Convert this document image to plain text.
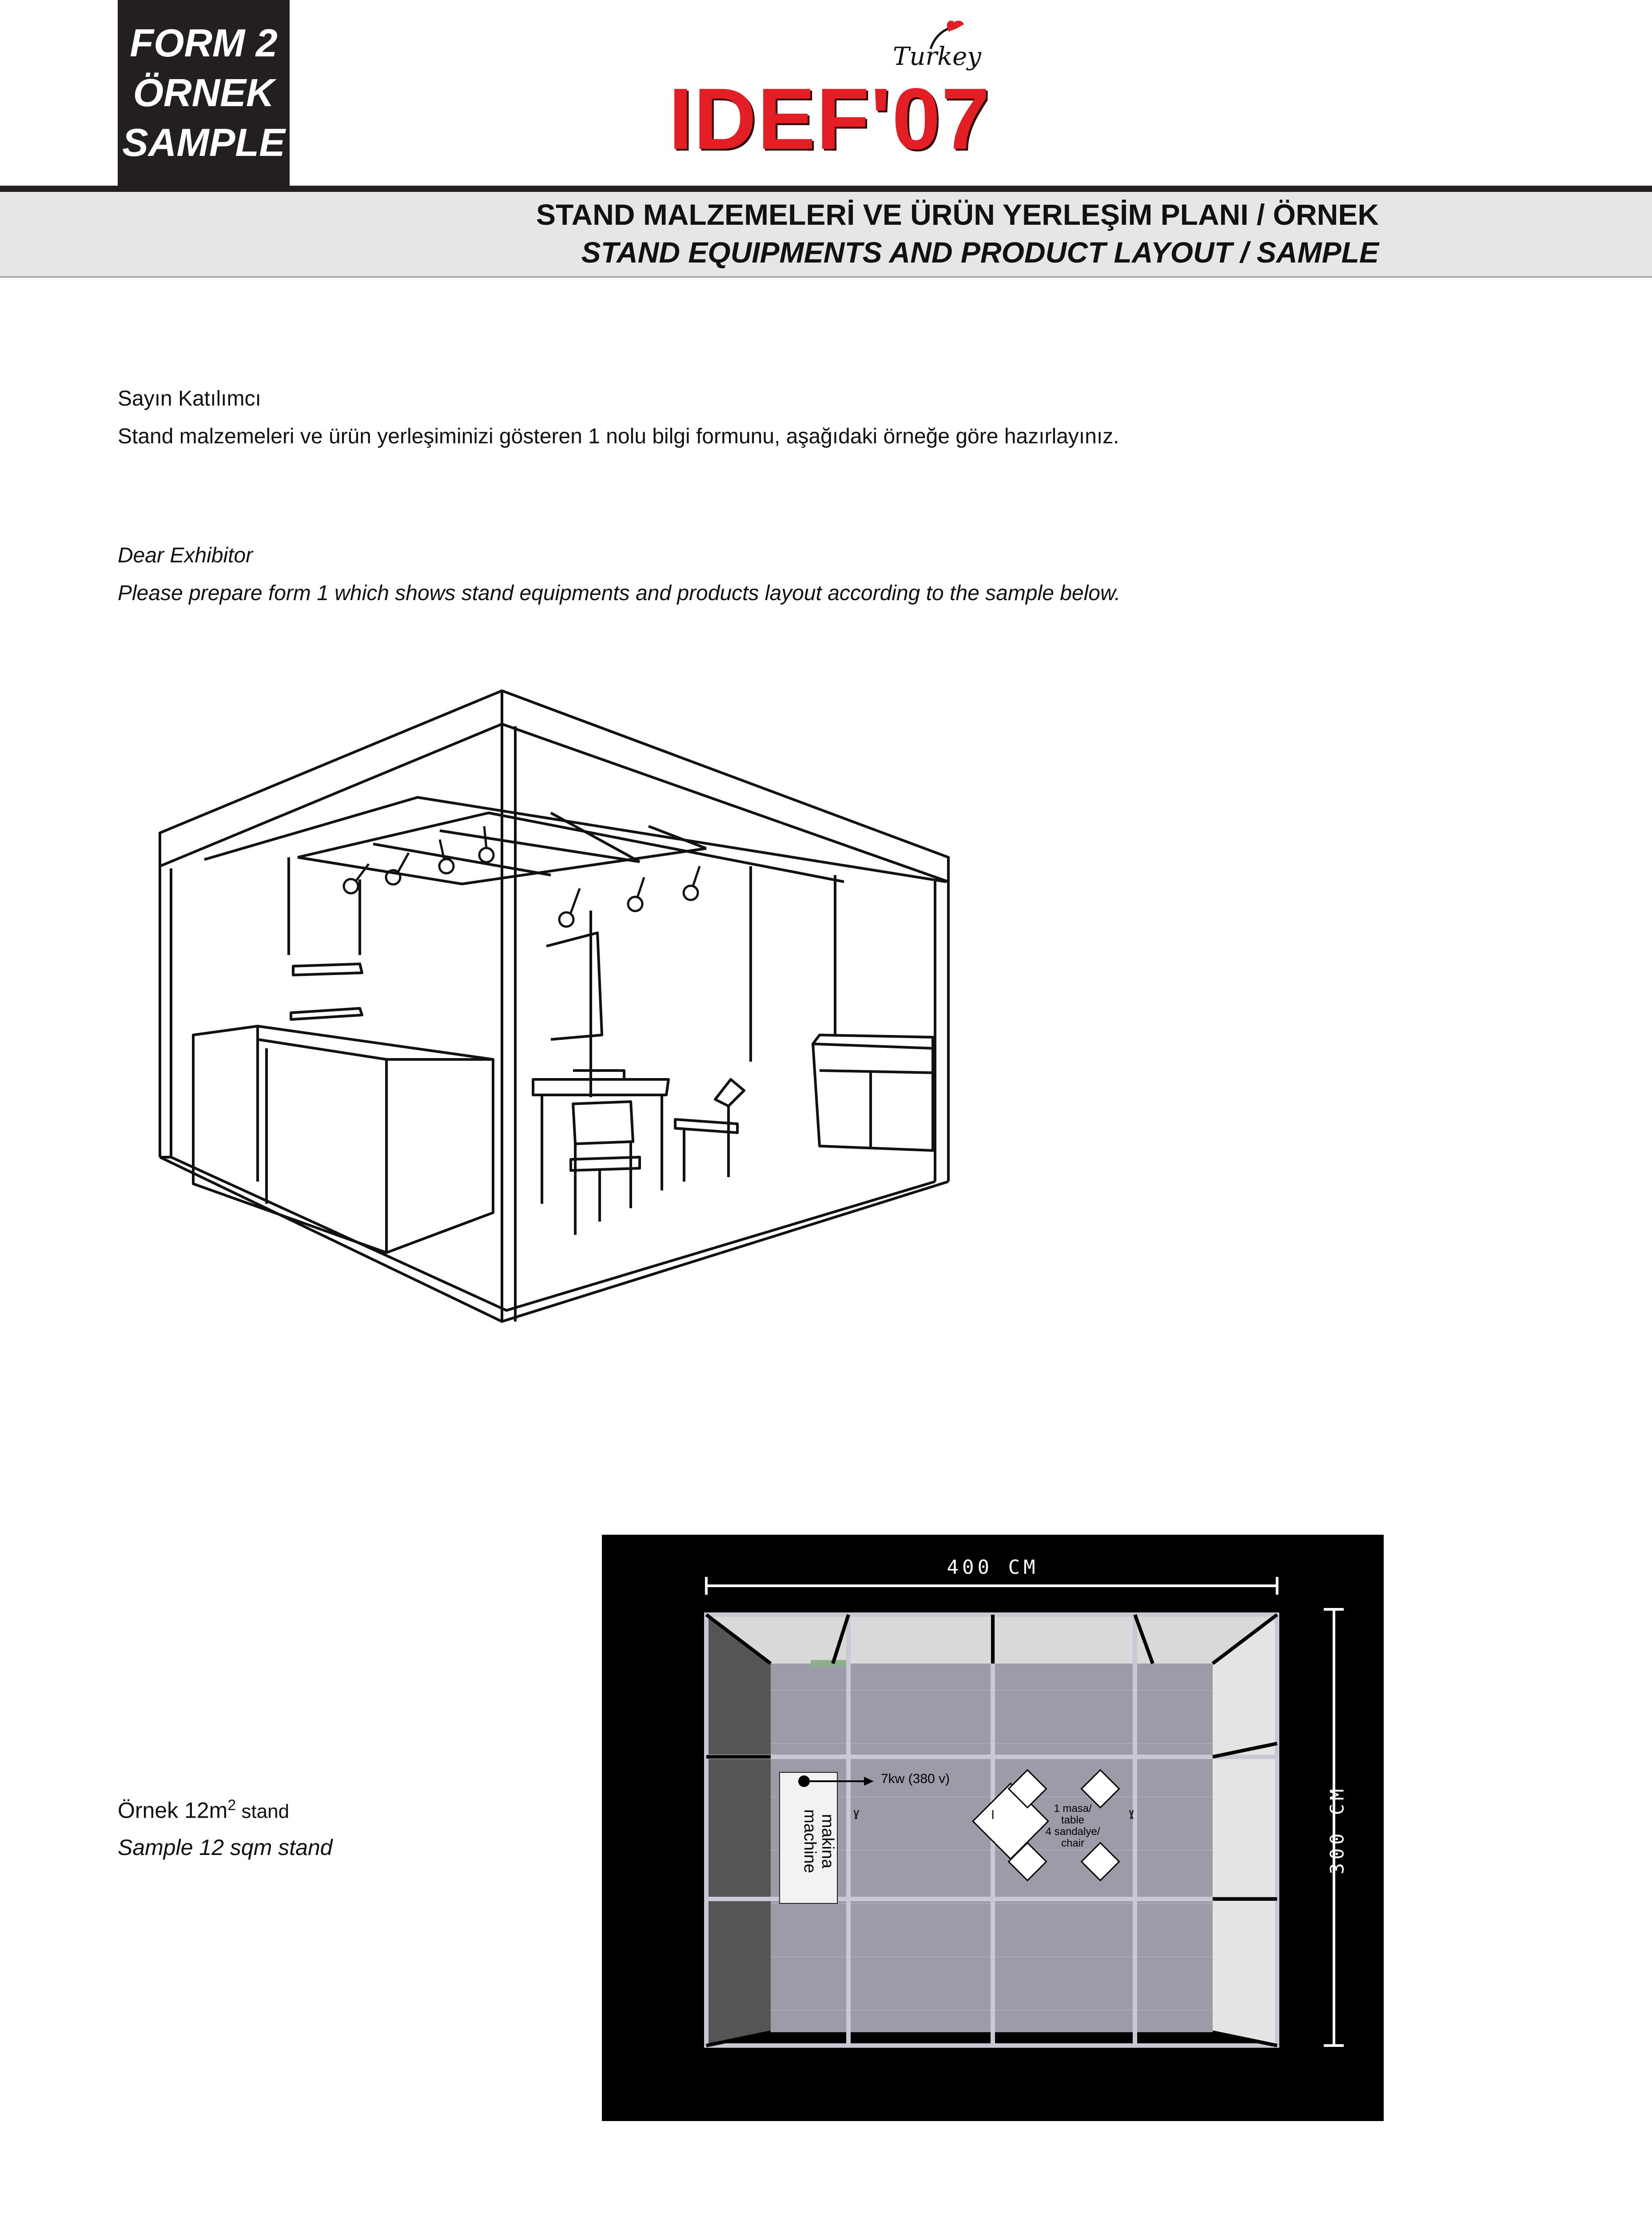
FORM 2
ÖRNEK
SAMPLE
Turkey
IDEF'07
STAND MALZEMELERİ VE ÜRÜN YERLEŞİM PLANI / ÖRNEK
STAND EQUIPMENTS AND PRODUCT LAYOUT / SAMPLE
Sayın Katılımcı
Stand malzemeleri ve ürün yerleşiminizi gösteren 1 nolu bilgi formunu, aşağıdaki örneğe göre hazırlayınız.
Dear Exhibitor
Please prepare form 1 which shows stand equipments and products layout according to the sample below.
Örnek $12m^2$ stand
Sample 12 sqm stand
400 CM
300 CM
7kw (380 v)
makina
machine
1 masa/
table
4 sandalye/
chair
